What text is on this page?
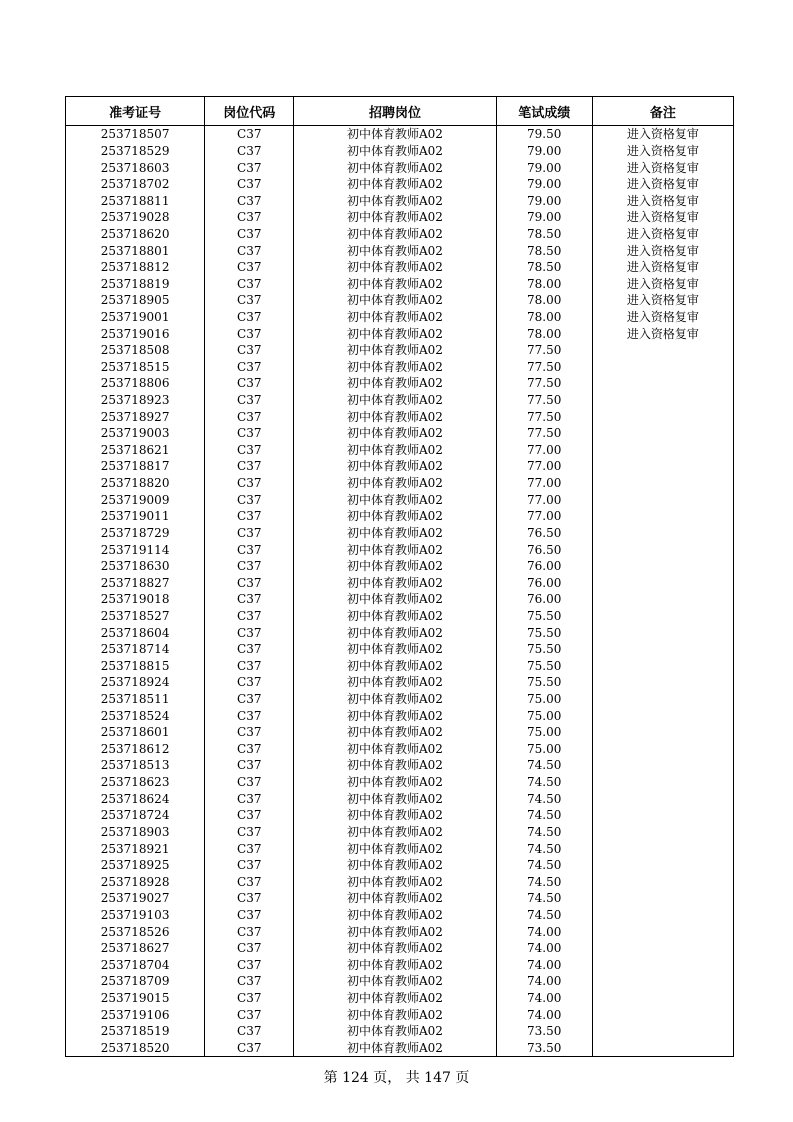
准考证号	岗位代码	招聘岗位	笔试成绩	备注
253718507	C37	初中体育教师A02	79.50	进入资格复审
253718529	C37	初中体育教师A02	79.00	进入资格复审
253718603	C37	初中体育教师A02	79.00	进入资格复审
253718702	C37	初中体育教师A02	79.00	进入资格复审
253718811	C37	初中体育教师A02	79.00	进入资格复审
253719028	C37	初中体育教师A02	79.00	进入资格复审
253718620	C37	初中体育教师A02	78.50	进入资格复审
253718801	C37	初中体育教师A02	78.50	进入资格复审
253718812	C37	初中体育教师A02	78.50	进入资格复审
253718819	C37	初中体育教师A02	78.00	进入资格复审
253718905	C37	初中体育教师A02	78.00	进入资格复审
253719001	C37	初中体育教师A02	78.00	进入资格复审
253719016	C37	初中体育教师A02	78.00	进入资格复审
253718508	C37	初中体育教师A02	77.50	
253718515	C37	初中体育教师A02	77.50	
253718806	C37	初中体育教师A02	77.50	
253718923	C37	初中体育教师A02	77.50	
253718927	C37	初中体育教师A02	77.50	
253719003	C37	初中体育教师A02	77.50	
253718621	C37	初中体育教师A02	77.00	
253718817	C37	初中体育教师A02	77.00	
253718820	C37	初中体育教师A02	77.00	
253719009	C37	初中体育教师A02	77.00	
253719011	C37	初中体育教师A02	77.00	
253718729	C37	初中体育教师A02	76.50	
253719114	C37	初中体育教师A02	76.50	
253718630	C37	初中体育教师A02	76.00	
253718827	C37	初中体育教师A02	76.00	
253719018	C37	初中体育教师A02	76.00	
253718527	C37	初中体育教师A02	75.50	
253718604	C37	初中体育教师A02	75.50	
253718714	C37	初中体育教师A02	75.50	
253718815	C37	初中体育教师A02	75.50	
253718924	C37	初中体育教师A02	75.50	
253718511	C37	初中体育教师A02	75.00	
253718524	C37	初中体育教师A02	75.00	
253718601	C37	初中体育教师A02	75.00	
253718612	C37	初中体育教师A02	75.00	
253718513	C37	初中体育教师A02	74.50	
253718623	C37	初中体育教师A02	74.50	
253718624	C37	初中体育教师A02	74.50	
253718724	C37	初中体育教师A02	74.50	
253718903	C37	初中体育教师A02	74.50	
253718921	C37	初中体育教师A02	74.50	
253718925	C37	初中体育教师A02	74.50	
253718928	C37	初中体育教师A02	74.50	
253719027	C37	初中体育教师A02	74.50	
253719103	C37	初中体育教师A02	74.50	
253718526	C37	初中体育教师A02	74.00	
253718627	C37	初中体育教师A02	74.00	
253718704	C37	初中体育教师A02	74.00	
253718709	C37	初中体育教师A02	74.00	
253719015	C37	初中体育教师A02	74.00	
253719106	C37	初中体育教师A02	74.00	
253718519	C37	初中体育教师A02	73.50	
253718520	C37	初中体育教师A02	73.50	
第 124 页， 共 147 页
